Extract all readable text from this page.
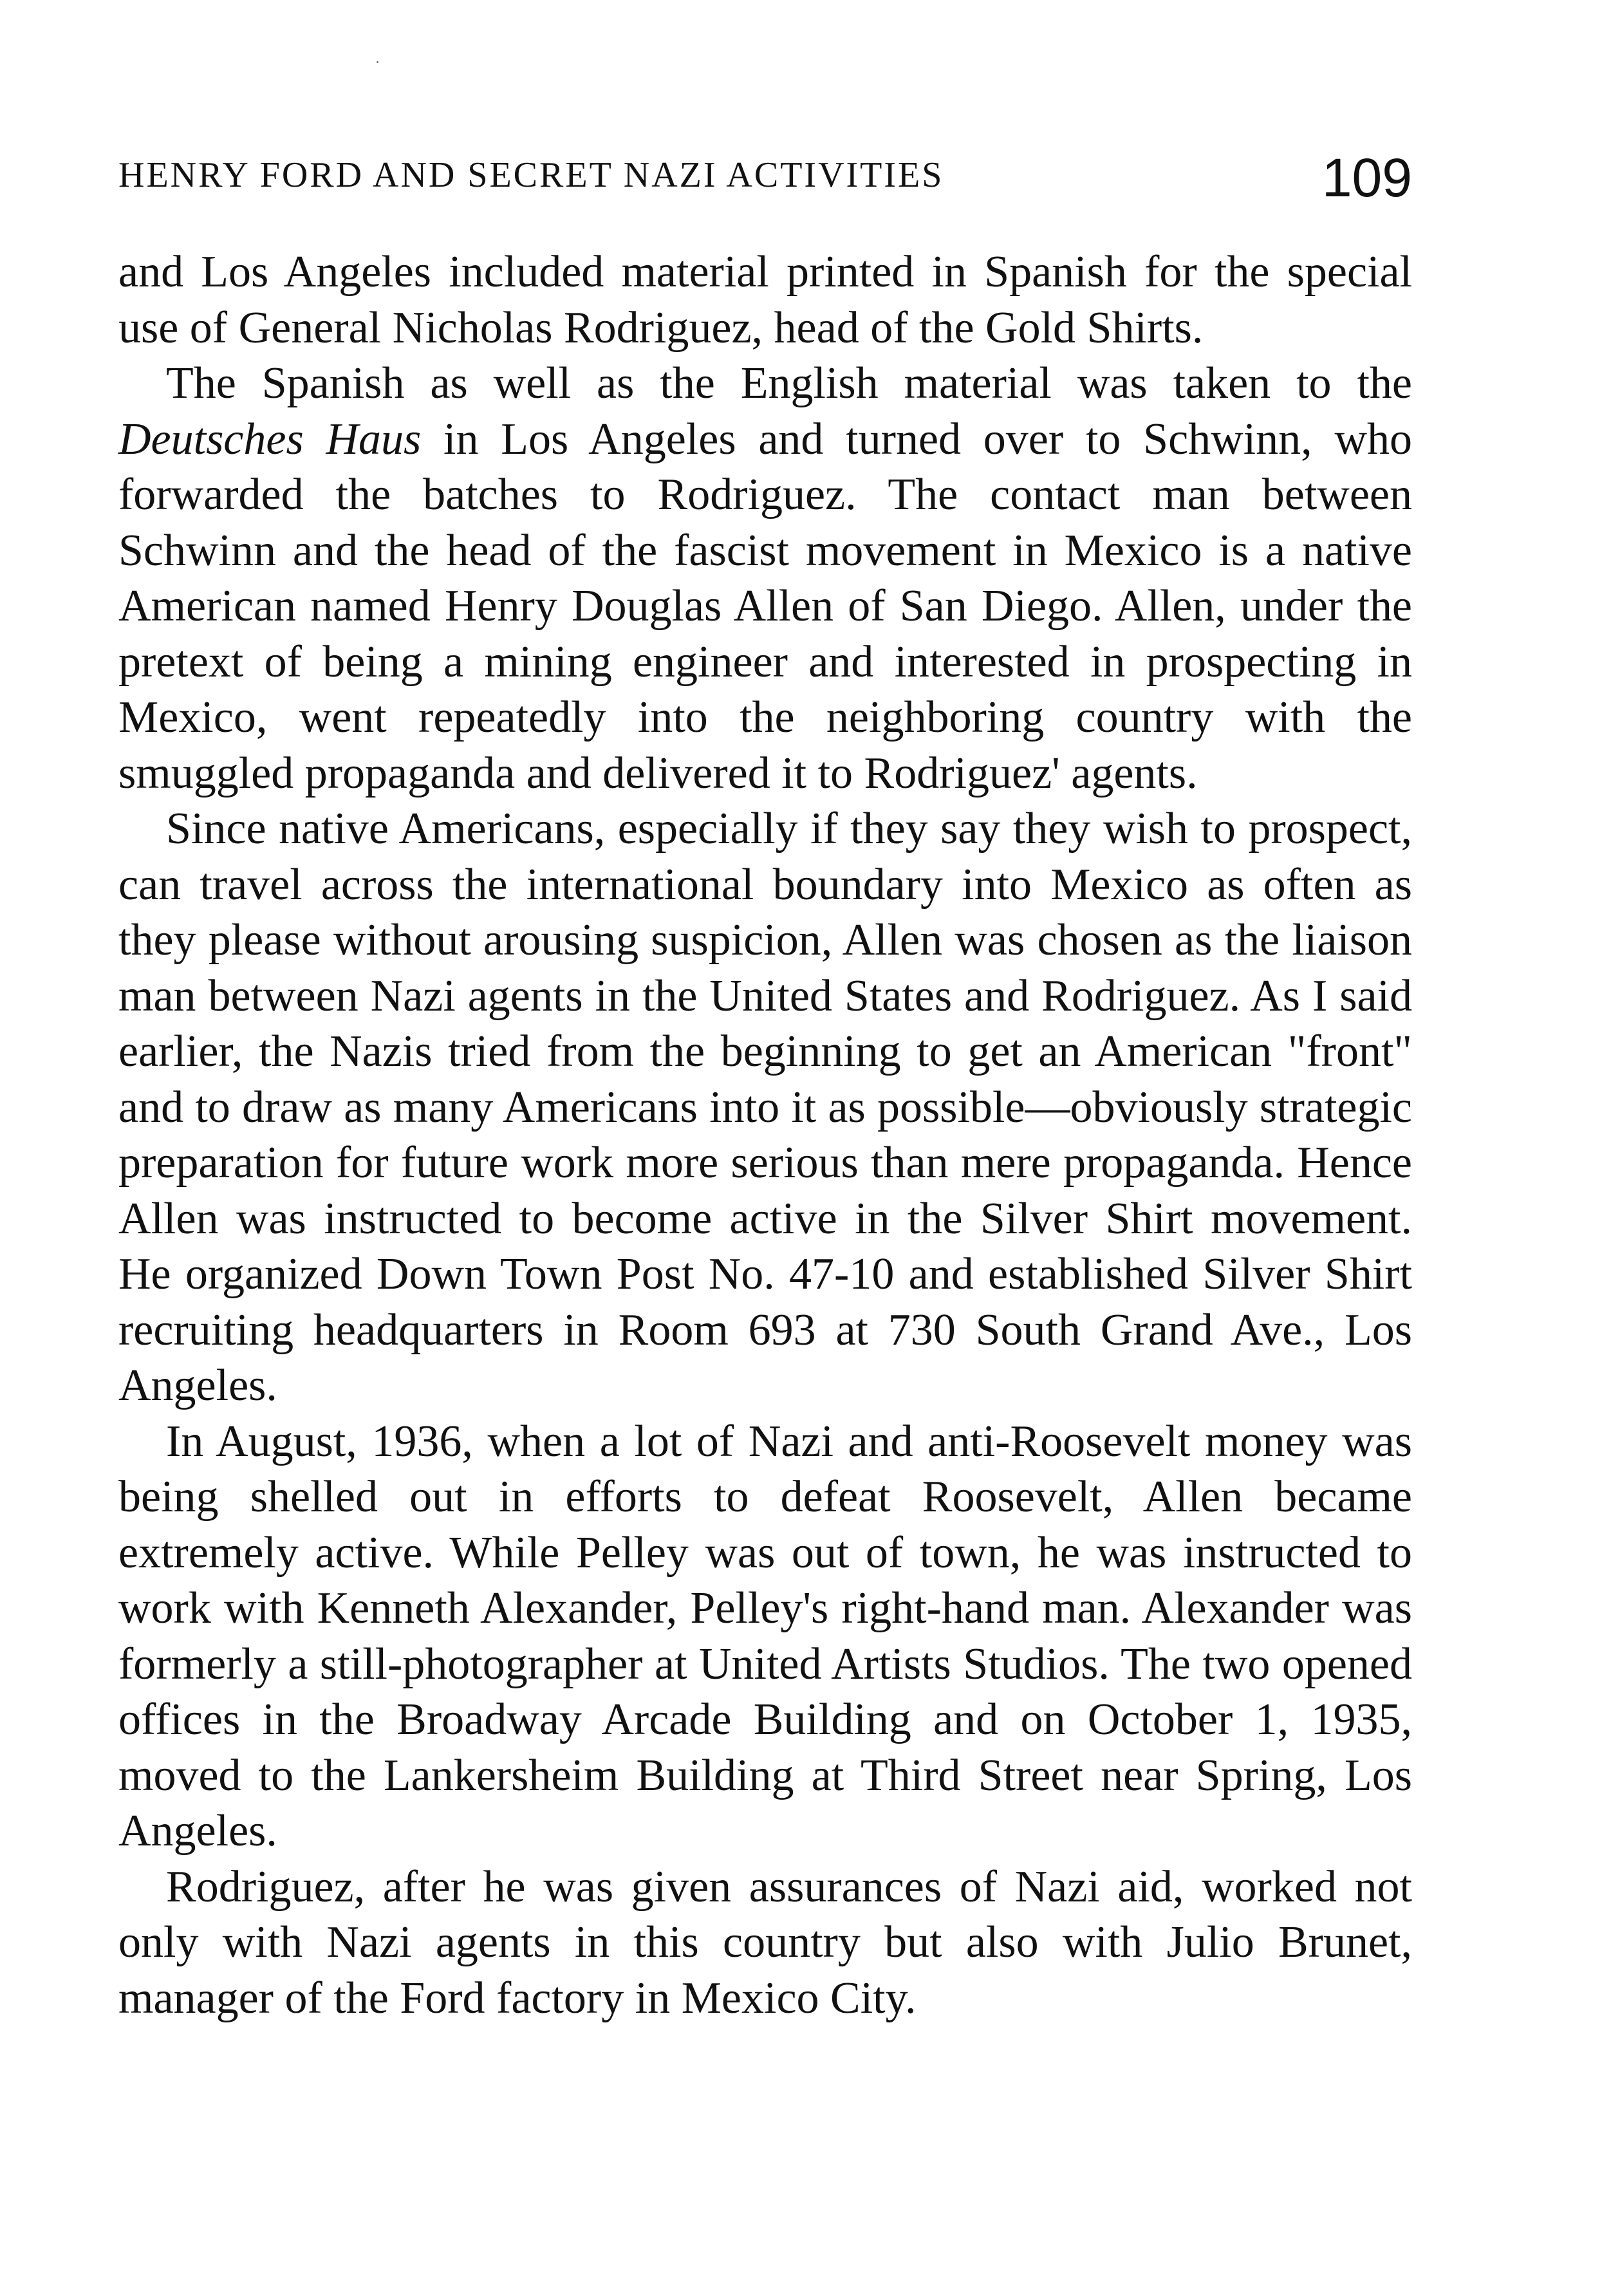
HENRY FORD AND SECRET NAZI ACTIVITIES	109

and Los Angeles included material printed in Spanish for the special use of General Nicholas Rodriguez, head of the Gold Shirts.

The Spanish as well as the English material was taken to the Deutsches Haus in Los Angeles and turned over to Schwinn, who forwarded the batches to Rodriguez. The contact man between Schwinn and the head of the fascist movement in Mexico is a native American named Henry Douglas Allen of San Diego. Allen, under the pretext of being a mining engineer and interested in prospecting in Mexico, went repeatedly into the neighboring country with the smuggled propaganda and delivered it to Rodriguez' agents.

Since native Americans, especially if they say they wish to prospect, can travel across the international boundary into Mexico as often as they please without arousing suspicion, Allen was chosen as the liaison man between Nazi agents in the United States and Rodriguez. As I said earlier, the Nazis tried from the beginning to get an American "front" and to draw as many Americans into it as possible—obviously strategic preparation for future work more serious than mere propaganda. Hence Allen was instructed to become active in the Silver Shirt movement. He organized Down Town Post No. 47-10 and established Silver Shirt recruiting headquarters in Room 693 at 730 South Grand Ave., Los Angeles.

In August, 1936, when a lot of Nazi and anti-Roosevelt money was being shelled out in efforts to defeat Roosevelt, Allen became extremely active. While Pelley was out of town, he was instructed to work with Kenneth Alexander, Pelley's right-hand man. Alexander was formerly a still-photographer at United Artists Studios. The two opened offices in the Broadway Arcade Building and on October 1, 1935, moved to the Lankersheim Building at Third Street near Spring, Los Angeles.

Rodriguez, after he was given assurances of Nazi aid, worked not only with Nazi agents in this country but also with Julio Brunet, manager of the Ford factory in Mexico City.
